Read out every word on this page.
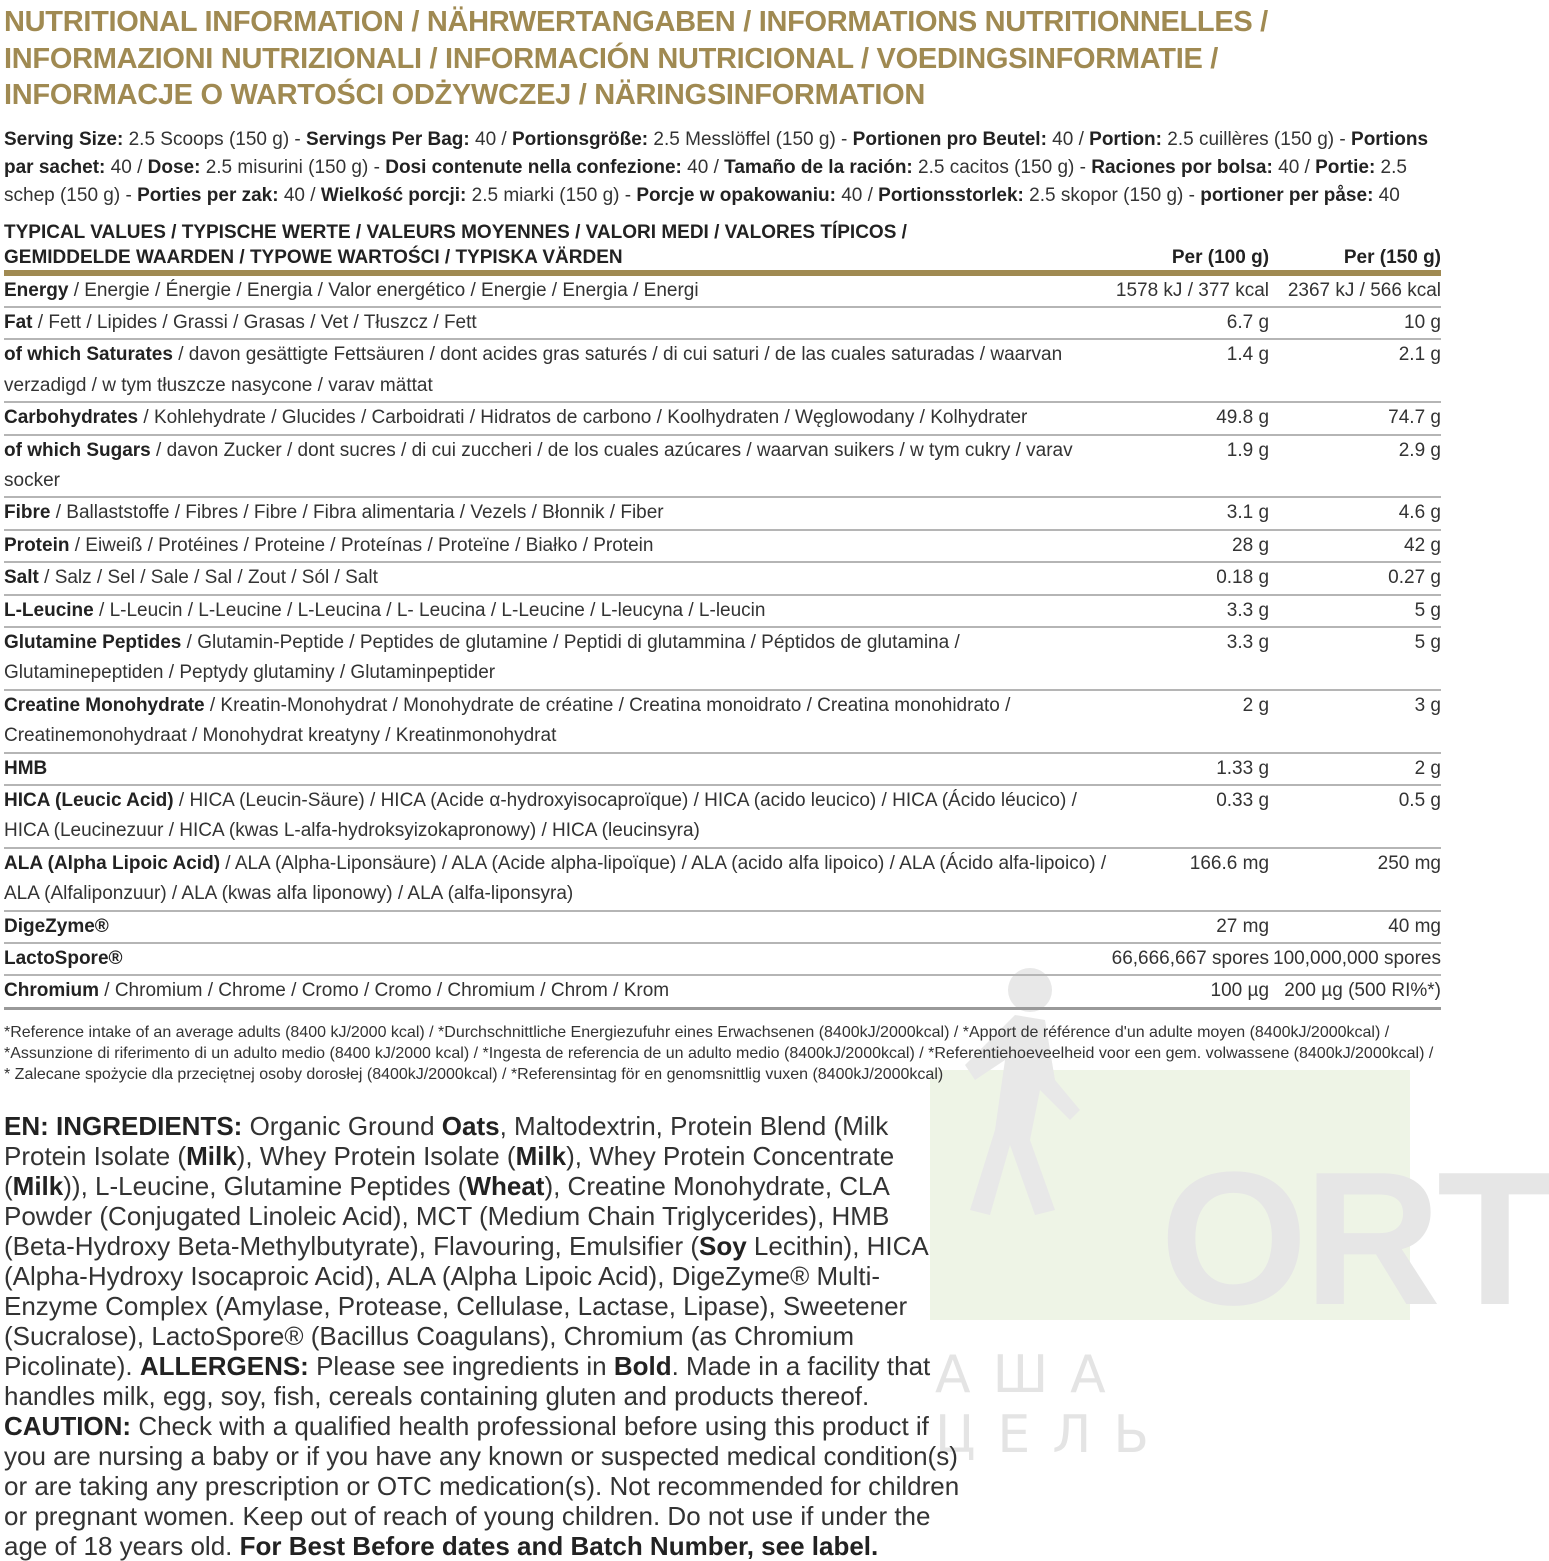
ORT
АША ЦЕЛЬ
NUTRITIONAL INFORMATION / NÄHRWERTANGABEN / INFORMATIONS NUTRITIONNELLES /
INFORMAZIONI NUTRIZIONALI / INFORMACIÓN NUTRICIONAL / VOEDINGSINFORMATIE /
INFORMACJE O WARTOŚCI ODŻYWCZEJ / NÄRINGSINFORMATION
Serving Size: 2.5 Scoops (150 g) - Servings Per Bag: 40 / Portionsgröße: 2.5 Messlöffel (150 g) - Portionen pro Beutel: 40 / Portion: 2.5 cuillères (150 g) - Portions par sachet: 40 / Dose: 2.5 misurini (150 g) - Dosi contenute nella confezione: 40 / Tamaño de la ración: 2.5 cacitos (150 g) - Raciones por bolsa: 40 / Portie: 2.5 schep (150 g) - Porties per zak: 40 / Wielkość porcji: 2.5 miarki (150 g) - Porcje w opakowaniu: 40 / Portionsstorlek: 2.5 skopor (150 g) - portioner per påse: 40
TYPICAL VALUES / TYPISCHE WERTE / VALEURS MOYENNES / VALORI MEDI / VALORES TÍPICOS /
GEMIDDELDE WAARDEN / TYPOWE WARTOŚCI / TYPISKA VÄRDEN	Per (100 g)	Per (150 g)
Energy / Energie / Énergie / Energia / Valor energético / Energie / Energia / Energi	1578 kJ / 377 kcal	2367 kJ / 566 kcal
Fat / Fett / Lipides / Grassi / Grasas / Vet / Tłuszcz / Fett	6.7 g	10 g
of which Saturates / davon gesättigte Fettsäuren / dont acides gras saturés / di cui saturi / de las cuales saturadas / waarvan verzadigd / w tym tłuszcze nasycone / varav mättat	1.4 g	2.1 g
Carbohydrates / Kohlehydrate / Glucides / Carboidrati / Hidratos de carbono / Koolhydraten / Węglowodany / Kolhydrater	49.8 g	74.7 g
of which Sugars / davon Zucker / dont sucres / di cui zuccheri / de los cuales azúcares / waarvan suikers / w tym cukry / varav socker	1.9 g	2.9 g
Fibre / Ballaststoffe / Fibres / Fibre / Fibra alimentaria / Vezels / Błonnik / Fiber	3.1 g	4.6 g
Protein / Eiweiß / Protéines / Proteine / Proteínas / Proteïne / Białko / Protein	28 g	42 g
Salt / Salz / Sel / Sale / Sal / Zout / Sól / Salt	0.18 g	0.27 g
L-Leucine / L-Leucin / L-Leucine / L-Leucina / L- Leucina / L-Leucine / L-leucyna / L-leucin	3.3 g	5 g
Glutamine Peptides / Glutamin-Peptide / Peptides de glutamine / Peptidi di glutammina / Péptidos de glutamina / Glutaminepeptiden / Peptydy glutaminy / Glutaminpeptider	3.3 g	5 g
Creatine Monohydrate / Kreatin-Monohydrat / Monohydrate de créatine / Creatina monoidrato / Creatina monohidrato / Creatinemonohydraat / Monohydrat kreatyny / Kreatinmonohydrat	2 g	3 g
HMB	1.33 g	2 g
HICA (Leucic Acid) / HICA (Leucin-Säure) / HICA (Acide α-hydroxyisocaproïque) / HICA (acido leucico) / HICA (Ácido léucico) / HICA (Leucinezuur / HICA (kwas L-alfa-hydroksyizokapronowy) / HICA (leucinsyra)	0.33 g	0.5 g
ALA (Alpha Lipoic Acid) / ALA (Alpha-Liponsäure) / ALA (Acide alpha-lipoïque) / ALA (acido alfa lipoico) / ALA (Ácido alfa-lipoico) / ALA (Alfaliponzuur) / ALA (kwas alfa liponowy) / ALA (alfa-liponsyra)	166.6 mg	250 mg
DigeZyme®	27 mg	40 mg
LactoSpore®	66,666,667 spores	100,000,000 spores
Chromium / Chromium / Chrome / Cromo / Cromo / Chromium / Chrom / Krom	100 µg	200 µg (500 RI%*)
*Reference intake of an average adults (8400 kJ/2000 kcal) / *Durchschnittliche Energiezufuhr eines Erwachsenen (8400kJ/2000kcal) / *Apport de référence d'un adulte moyen (8400kJ/2000kcal) / *Assunzione di riferimento di un adulto medio (8400 kJ/2000 kcal) / *Ingesta de referencia de un adulto medio (8400kJ/2000kcal) / *Referentiehoeveelheid voor een gem. volwassene (8400kJ/2000kcal) / * Zalecane spożycie dla przeciętnej osoby dorosłej (8400kJ/2000kcal) / *Referensintag för en genomsnittlig vuxen (8400kJ/2000kcal)
EN: INGREDIENTS: Organic Ground Oats, Maltodextrin, Protein Blend (Milk Protein Isolate (Milk), Whey Protein Isolate (Milk), Whey Protein Concentrate (Milk)), L-Leucine, Glutamine Peptides (Wheat), Creatine Monohydrate, CLA Powder (Conjugated Linoleic Acid), MCT (Medium Chain Triglycerides), HMB (Beta-Hydroxy Beta-Methylbutyrate), Flavouring, Emulsifier (Soy Lecithin), HICA (Alpha-Hydroxy Isocaproic Acid), ALA (Alpha Lipoic Acid), DigeZyme® Multi-Enzyme Complex (Amylase, Protease, Cellulase, Lactase, Lipase), Sweetener (Sucralose), LactoSpore® (Bacillus Coagulans), Chromium (as Chromium Picolinate). ALLERGENS: Please see ingredients in Bold. Made in a facility that handles milk, egg, soy, fish, cereals containing gluten and products thereof. CAUTION: Check with a qualified health professional before using this product if you are nursing a baby or if you have any known or suspected medical condition(s) or are taking any prescription or OTC medication(s). Not recommended for children or pregnant women. Keep out of reach of young children. Do not use if under the age of 18 years old. For Best Before dates and Batch Number, see label.
